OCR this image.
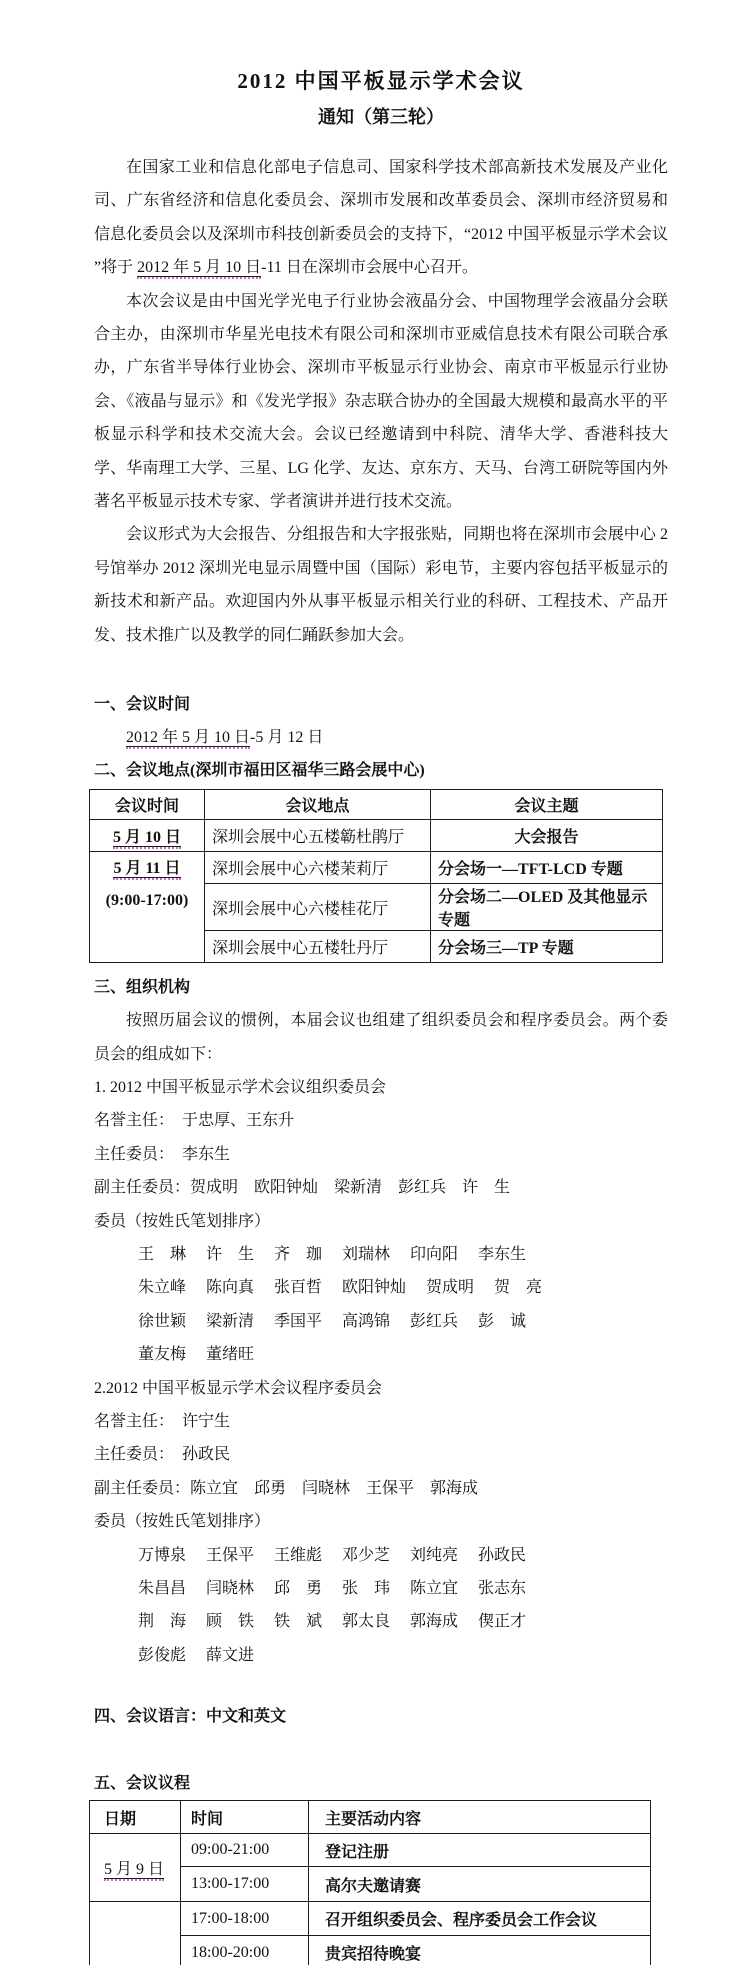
2012 中国平板显示学术会议
通知（第三轮）

在国家工业和信息化部电子信息司、国家科学技术部高新技术发展及产业化司、广东省经济和信息化委员会、深圳市发展和改革委员会、深圳市经济贸易和信息化委员会以及深圳市科技创新委员会的支持下，“2012 中国平板显示学术会议 ”将于 2012 年 5 月 10 日-11 日在深圳市会展中心召开。

本次会议是由中国光学光电子行业协会液晶分会、中国物理学会液晶分会联合主办，由深圳市华星光电技术有限公司和深圳市亚威信息技术有限公司联合承办，广东省半导体行业协会、深圳市平板显示行业协会、南京市平板显示行业协会、《液晶与显示》和《发光学报》杂志联合协办的全国最大规模和最高水平的平板显示科学和技术交流大会。会议已经邀请到中科院、清华大学、香港科技大学、华南理工大学、三星、LG 化学、友达、京东方、天马、台湾工研院等国内外著名平板显示技术专家、学者演讲并进行技术交流。

会议形式为大会报告、分组报告和大字报张贴，同期也将在深圳市会展中心 2 号馆举办 2012 深圳光电显示周暨中国（国际）彩电节，主要内容包括平板显示的新技术和新产品。欢迎国内外从事平板显示相关行业的科研、工程技术、产品开发、技术推广以及教学的同仁踊跃参加大会。

一、会议时间
2012 年 5 月 10 日-5 月 12 日
二、会议地点(深圳市福田区福华三路会展中心)
会议时间	会议地点	会议主题
5 月 10 日	深圳会展中心五楼簕杜鹃厅	大会报告

5 月 11 日
(9:00-17:00)	深圳会展中心六楼茉莉厅	分会场一—TFT-LCD 专题
	深圳会展中心六楼桂花厅	分会场二—OLED 及其他显示专题
	深圳会展中心五楼牡丹厅	分会场三—TP 专题
三、组织机构

按照历届会议的惯例，本届会议也组建了组织委员会和程序委员会。两个委员会的组成如下：

1. 2012 中国平板显示学术会议组织委员会
名誉主任：　于忠厚、王东升
主任委员：　李东生
副主任委员：贺成明　欧阳钟灿　梁新清　彭红兵　许　生
委员（按姓氏笔划排序）
王　琳　 许　生　 齐　珈　 刘瑞林　 印向阳　 李东生
朱立峰　 陈向真　 张百哲　 欧阳钟灿　 贺成明　 贺　亮
徐世颖　 梁新清　 季国平　 高鸿锦　 彭红兵　 彭　诚
董友梅　 董绪旺
2.2012 中国平板显示学术会议程序委员会
名誉主任：　许宁生
主任委员：　孙政民
副主任委员：陈立宜　邱勇　闫晓林　王保平　郭海成
委员（按姓氏笔划排序）
万博泉　 王保平　 王维彪　 邓少芝　 刘纯亮　 孙政民
朱昌昌　 闫晓林　 邱　勇　 张　玮　 陈立宜　 张志东
荆　海　 顾　铁　 铁　斌　 郭太良　 郭海成　 偰正才
彭俊彪　 薛文进
四、会议语言：中文和英文
五、会议议程
日期	时间	主要活动内容
5 月 9 日	09:00-21:00	登记注册
	13:00-17:00	高尔夫邀请赛
	17:00-18:00	召开组织委员会、程序委员会工作会议
	18:00-20:00	贵宾招待晚宴
